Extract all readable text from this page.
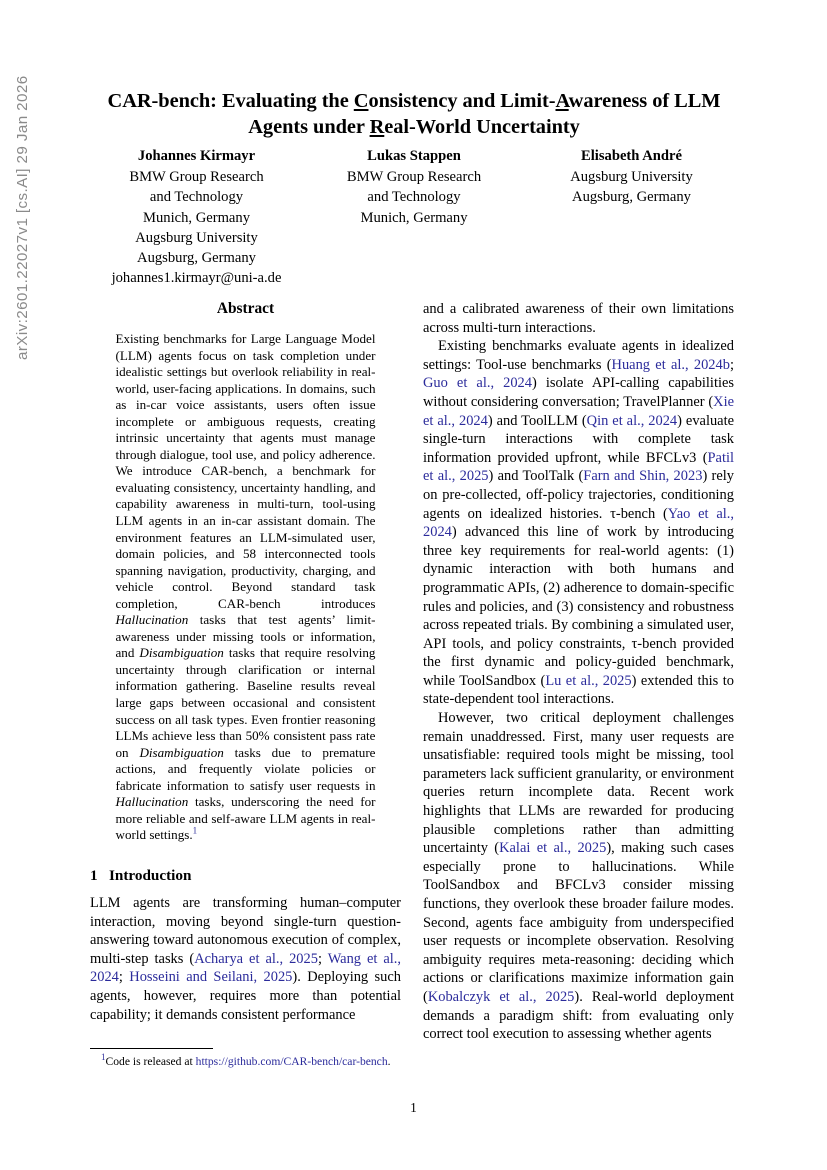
arXiv:2601.22027v1 [cs.AI] 29 Jan 2026	CAR-bench: Evaluating the Consistency and Limit-Awareness of LLM
Agents under Real-World Uncertainty
Johannes Kirmayr
BMW Group Research
and Technology
Munich, Germany
Augsburg University
Augsburg, Germany
johannes1.kirmayr@uni-a.de
Lukas Stappen
BMW Group Research
and Technology
Munich, Germany
Elisabeth André
Augsburg University
Augsburg, Germany
Abstract
Existing benchmarks for Large Language Model (LLM) agents focus on task completion under idealistic settings but overlook reliability in real-world, user-facing applications. In domains, such as in-car voice assistants, users often issue incomplete or ambiguous requests, creating intrinsic uncertainty that agents must manage through dialogue, tool use, and policy adherence. We introduce CAR-bench, a benchmark for evaluating consistency, uncertainty handling, and capability awareness in multi-turn, tool-using LLM agents in an in-car assistant domain. The environment features an LLM-simulated user, domain policies, and 58 interconnected tools spanning navigation, productivity, charging, and vehicle control. Beyond standard task completion, CAR-bench introduces Hallucination tasks that test agents’ limit-awareness under missing tools or information, and Disambiguation tasks that require resolving uncertainty through clarification or internal information gathering. Baseline results reveal large gaps between occasional and consistent success on all task types. Even frontier reasoning LLMs achieve less than 50% consistent pass rate on Disambiguation tasks due to premature actions, and frequently violate policies or fabricate information to satisfy user requests in Hallucination tasks, underscoring the need for more reliable and self-aware LLM agents in real-world settings.$^1$
1 Introduction

LLM agents are transforming human–computer interaction, moving beyond single-turn question-answering toward autonomous execution of complex, multi-step tasks (Acharya et al., 2025; Wang et al., 2024; Hosseini and Seilani, 2025). Deploying such agents, however, requires more than potential capability; it demands consistent performance

and a calibrated awareness of their own limitations across multi-turn interactions.

Existing benchmarks evaluate agents in idealized settings: Tool-use benchmarks (Huang et al., 2024b; Guo et al., 2024) isolate API-calling capabilities without considering conversation; TravelPlanner (Xie et al., 2024) and ToolLLM (Qin et al., 2024) evaluate single-turn interactions with complete task information provided upfront, while BFCLv3 (Patil et al., 2025) and ToolTalk (Farn and Shin, 2023) rely on pre-collected, off-policy trajectories, conditioning agents on idealized histories. τ-bench (Yao et al., 2024) advanced this line of work by introducing three key requirements for real-world agents: (1) dynamic interaction with both humans and programmatic APIs, (2) adherence to domain-specific rules and policies, and (3) consistency and robustness across repeated trials. By combining a simulated user, API tools, and policy constraints, τ-bench provided the first dynamic and policy-guided benchmark, while ToolSandbox (Lu et al., 2025) extended this to state-dependent tool interactions.

However, two critical deployment challenges remain unaddressed. First, many user requests are unsatisfiable: required tools might be missing, tool parameters lack sufficient granularity, or environment queries return incomplete data. Recent work highlights that LLMs are rewarded for producing plausible completions rather than admitting uncertainty (Kalai et al., 2025), making such cases especially prone to hallucinations. While ToolSandbox and BFCLv3 consider missing functions, they overlook these broader failure modes. Second, agents face ambiguity from underspecified user requests or incomplete observation. Resolving ambiguity requires meta-reasoning: deciding which actions or clarifications maximize information gain (Kobalczyk et al., 2025). Real-world deployment demands a paradigm shift: from evaluating only correct tool execution to assessing whether agents

$^1$Code is released at https://github.com/CAR-bench/car-bench.
1
